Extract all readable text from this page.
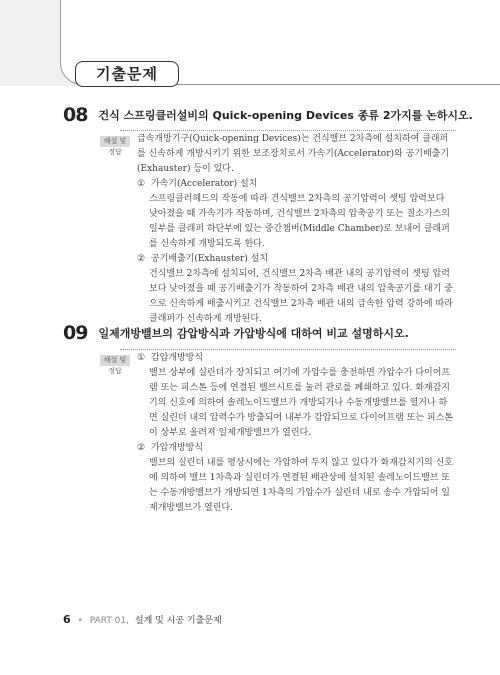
기출문제
08 건식 스프링클러설비의 Quick-opening Devices 종류 2가지를 논하시오.
해설 및 정답

급속개방기구(Quick-opening Devices)는 건식밸브 2차측에 설치하여 클래퍼를 신속하게 개방시키기 위한 보조장치로서 가속기(Accelerator)와 공기배출기(Exhauster) 등이 있다.

① 가속기(Accelerator) 설치

스프링클러헤드의 작동에 따라 건식밸브 2차측의 공기압력이 셋팅 압력보다 낮아졌을 때 가속기가 작동하며, 건식밸브 2차측의 압축공기 또는 질소가스의 일부를 클래퍼 하단부에 있는 중간챔버(Middle Chamber)로 보내어 클래퍼를 신속하게 개방되도록 한다.

② 공기배출기(Exhauster) 설치

건식밸브 2차측에 설치되어, 건식밸브 2차측 배관 내의 공기압력이 셋팅 압력보다 낮아졌을 때 공기배출기가 작동하여 2차측 배관 내의 압축공기를 대기 중으로 신속하게 배출시키고 건식밸브 2차측 배관 내의 급속한 압력 강하에 따라 클래퍼가 신속하게 개방된다.

09 일제개방밸브의 감압방식과 가압방식에 대하여 비교 설명하시오.
해설 및 정답
① 감압개방방식

밸브 상부에 실린더가 장치되고 여기에 가압수를 충전하면 가압수가 다이어프램 또는 피스톤 등에 연결된 밸브시트를 눌러 관로를 폐쇄하고 있다. 화재감지기의 신호에 의하여 솔레노이드밸브가 개방되거나 수동개방밸브를 열거나 하면 실린더 내의 압력수가 방출되어 내부가 감압되므로 다이어프램 또는 피스톤이 상부로 올려져 일제개방밸브가 열린다.

② 가압개방방식

밸브의 실린더 내를 평상시에는 가압하여 두지 않고 있다가 화재감지기의 신호에 의하여 밸브 1차측과 실린더가 연결된 배관상에 설치된 솔레노이드밸브 또는 수동개방밸브가 개방되면 1차측의 가압수가 실린더 내로 송수 가압되어 일제개방밸브가 열린다.

6 • PART 01, 설계 및 시공 기출문제
